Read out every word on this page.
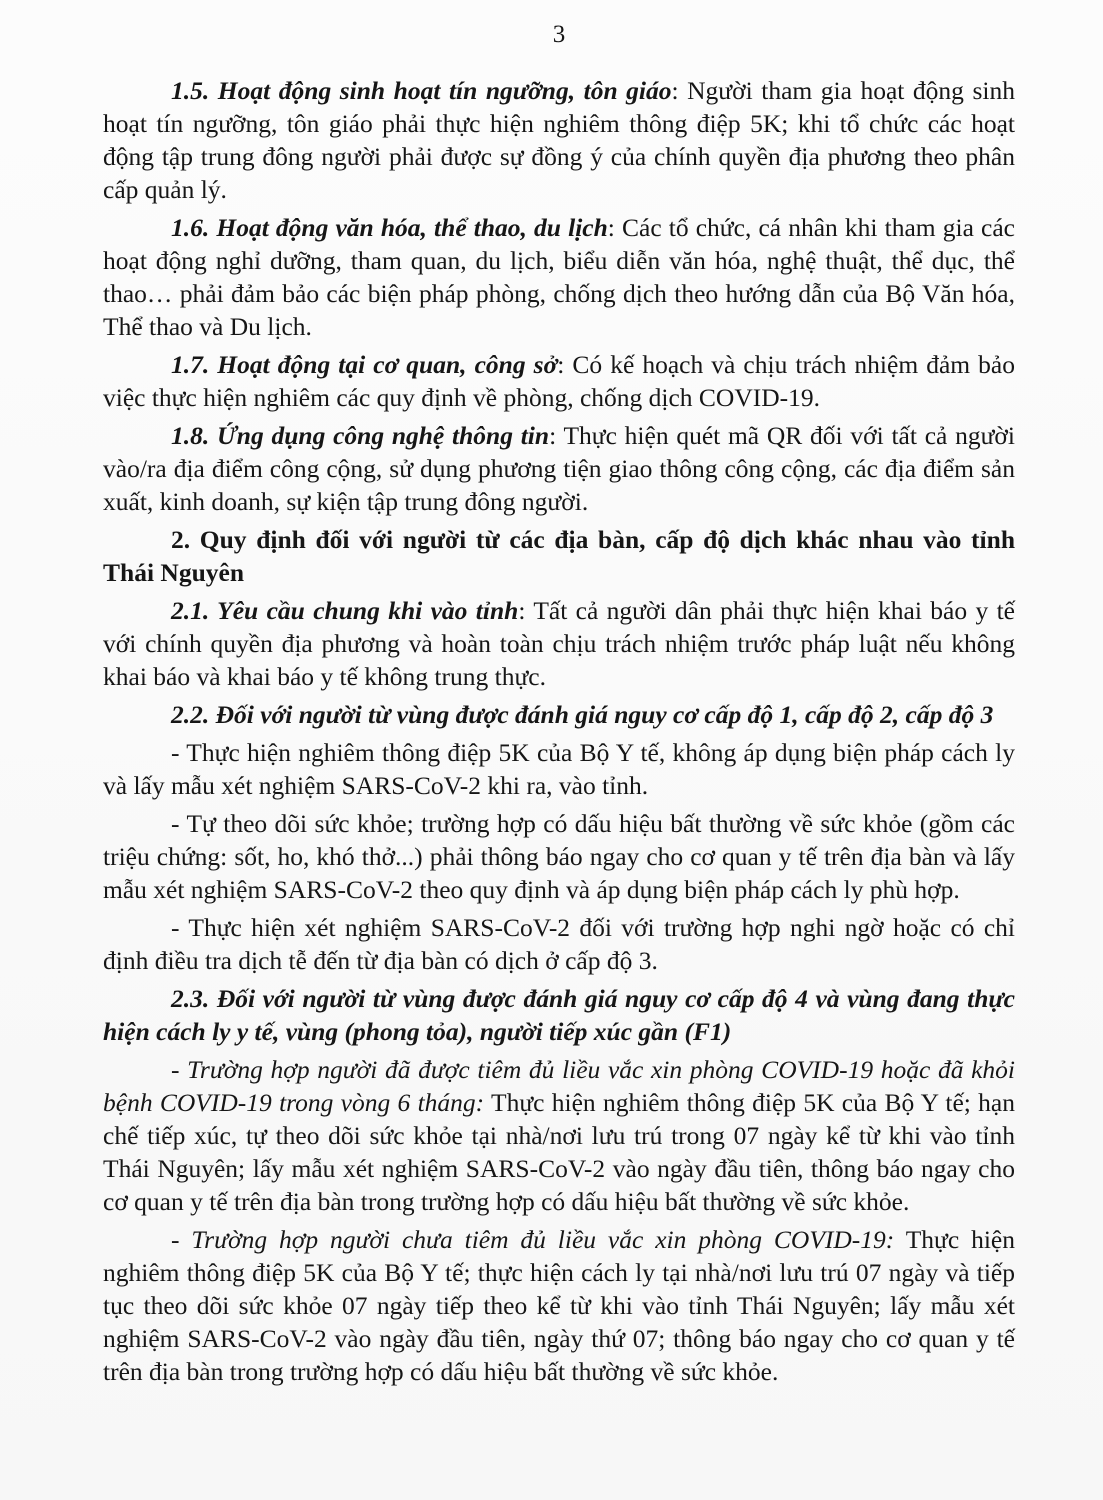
3

1.5. Hoạt động sinh hoạt tín ngưỡng, tôn giáo: Người tham gia hoạt động sinh hoạt tín ngưỡng, tôn giáo phải thực hiện nghiêm thông điệp 5K; khi tổ chức các hoạt động tập trung đông người phải được sự đồng ý của chính quyền địa phương theo phân cấp quản lý.

1.6. Hoạt động văn hóa, thể thao, du lịch: Các tổ chức, cá nhân khi tham gia các hoạt động nghỉ dưỡng, tham quan, du lịch, biểu diễn văn hóa, nghệ thuật, thể dục, thể thao… phải đảm bảo các biện pháp phòng, chống dịch theo hướng dẫn của Bộ Văn hóa, Thể thao và Du lịch.

1.7. Hoạt động tại cơ quan, công sở: Có kế hoạch và chịu trách nhiệm đảm bảo việc thực hiện nghiêm các quy định về phòng, chống dịch COVID-19.

1.8. Ứng dụng công nghệ thông tin: Thực hiện quét mã QR đối với tất cả người vào/ra địa điểm công cộng, sử dụng phương tiện giao thông công cộng, các địa điểm sản xuất, kinh doanh, sự kiện tập trung đông người.

2. Quy định đối với người từ các địa bàn, cấp độ dịch khác nhau vào tỉnh Thái Nguyên

2.1. Yêu cầu chung khi vào tỉnh: Tất cả người dân phải thực hiện khai báo y tế với chính quyền địa phương và hoàn toàn chịu trách nhiệm trước pháp luật nếu không khai báo và khai báo y tế không trung thực.

2.2. Đối với người từ vùng được đánh giá nguy cơ cấp độ 1, cấp độ 2, cấp độ 3

- Thực hiện nghiêm thông điệp 5K của Bộ Y tế, không áp dụng biện pháp cách ly và lấy mẫu xét nghiệm SARS-CoV-2 khi ra, vào tỉnh.

- Tự theo dõi sức khỏe; trường hợp có dấu hiệu bất thường về sức khỏe (gồm các triệu chứng: sốt, ho, khó thở...) phải thông báo ngay cho cơ quan y tế trên địa bàn và lấy mẫu xét nghiệm SARS-CoV-2 theo quy định và áp dụng biện pháp cách ly phù hợp.

- Thực hiện xét nghiệm SARS-CoV-2 đối với trường hợp nghi ngờ hoặc có chỉ định điều tra dịch tễ đến từ địa bàn có dịch ở cấp độ 3.

2.3. Đối với người từ vùng được đánh giá nguy cơ cấp độ 4 và vùng đang thực hiện cách ly y tế, vùng (phong tỏa), người tiếp xúc gần (F1)

- Trường hợp người đã được tiêm đủ liều vắc xin phòng COVID-19 hoặc đã khỏi bệnh COVID-19 trong vòng 6 tháng: Thực hiện nghiêm thông điệp 5K của Bộ Y tế; hạn chế tiếp xúc, tự theo dõi sức khỏe tại nhà/nơi lưu trú trong 07 ngày kể từ khi vào tỉnh Thái Nguyên; lấy mẫu xét nghiệm SARS-CoV-2 vào ngày đầu tiên, thông báo ngay cho cơ quan y tế trên địa bàn trong trường hợp có dấu hiệu bất thường về sức khỏe.

- Trường hợp người chưa tiêm đủ liều vắc xin phòng COVID-19: Thực hiện nghiêm thông điệp 5K của Bộ Y tế; thực hiện cách ly tại nhà/nơi lưu trú 07 ngày và tiếp tục theo dõi sức khỏe 07 ngày tiếp theo kể từ khi vào tỉnh Thái Nguyên; lấy mẫu xét nghiệm SARS-CoV-2 vào ngày đầu tiên, ngày thứ 07; thông báo ngay cho cơ quan y tế trên địa bàn trong trường hợp có dấu hiệu bất thường về sức khỏe.
